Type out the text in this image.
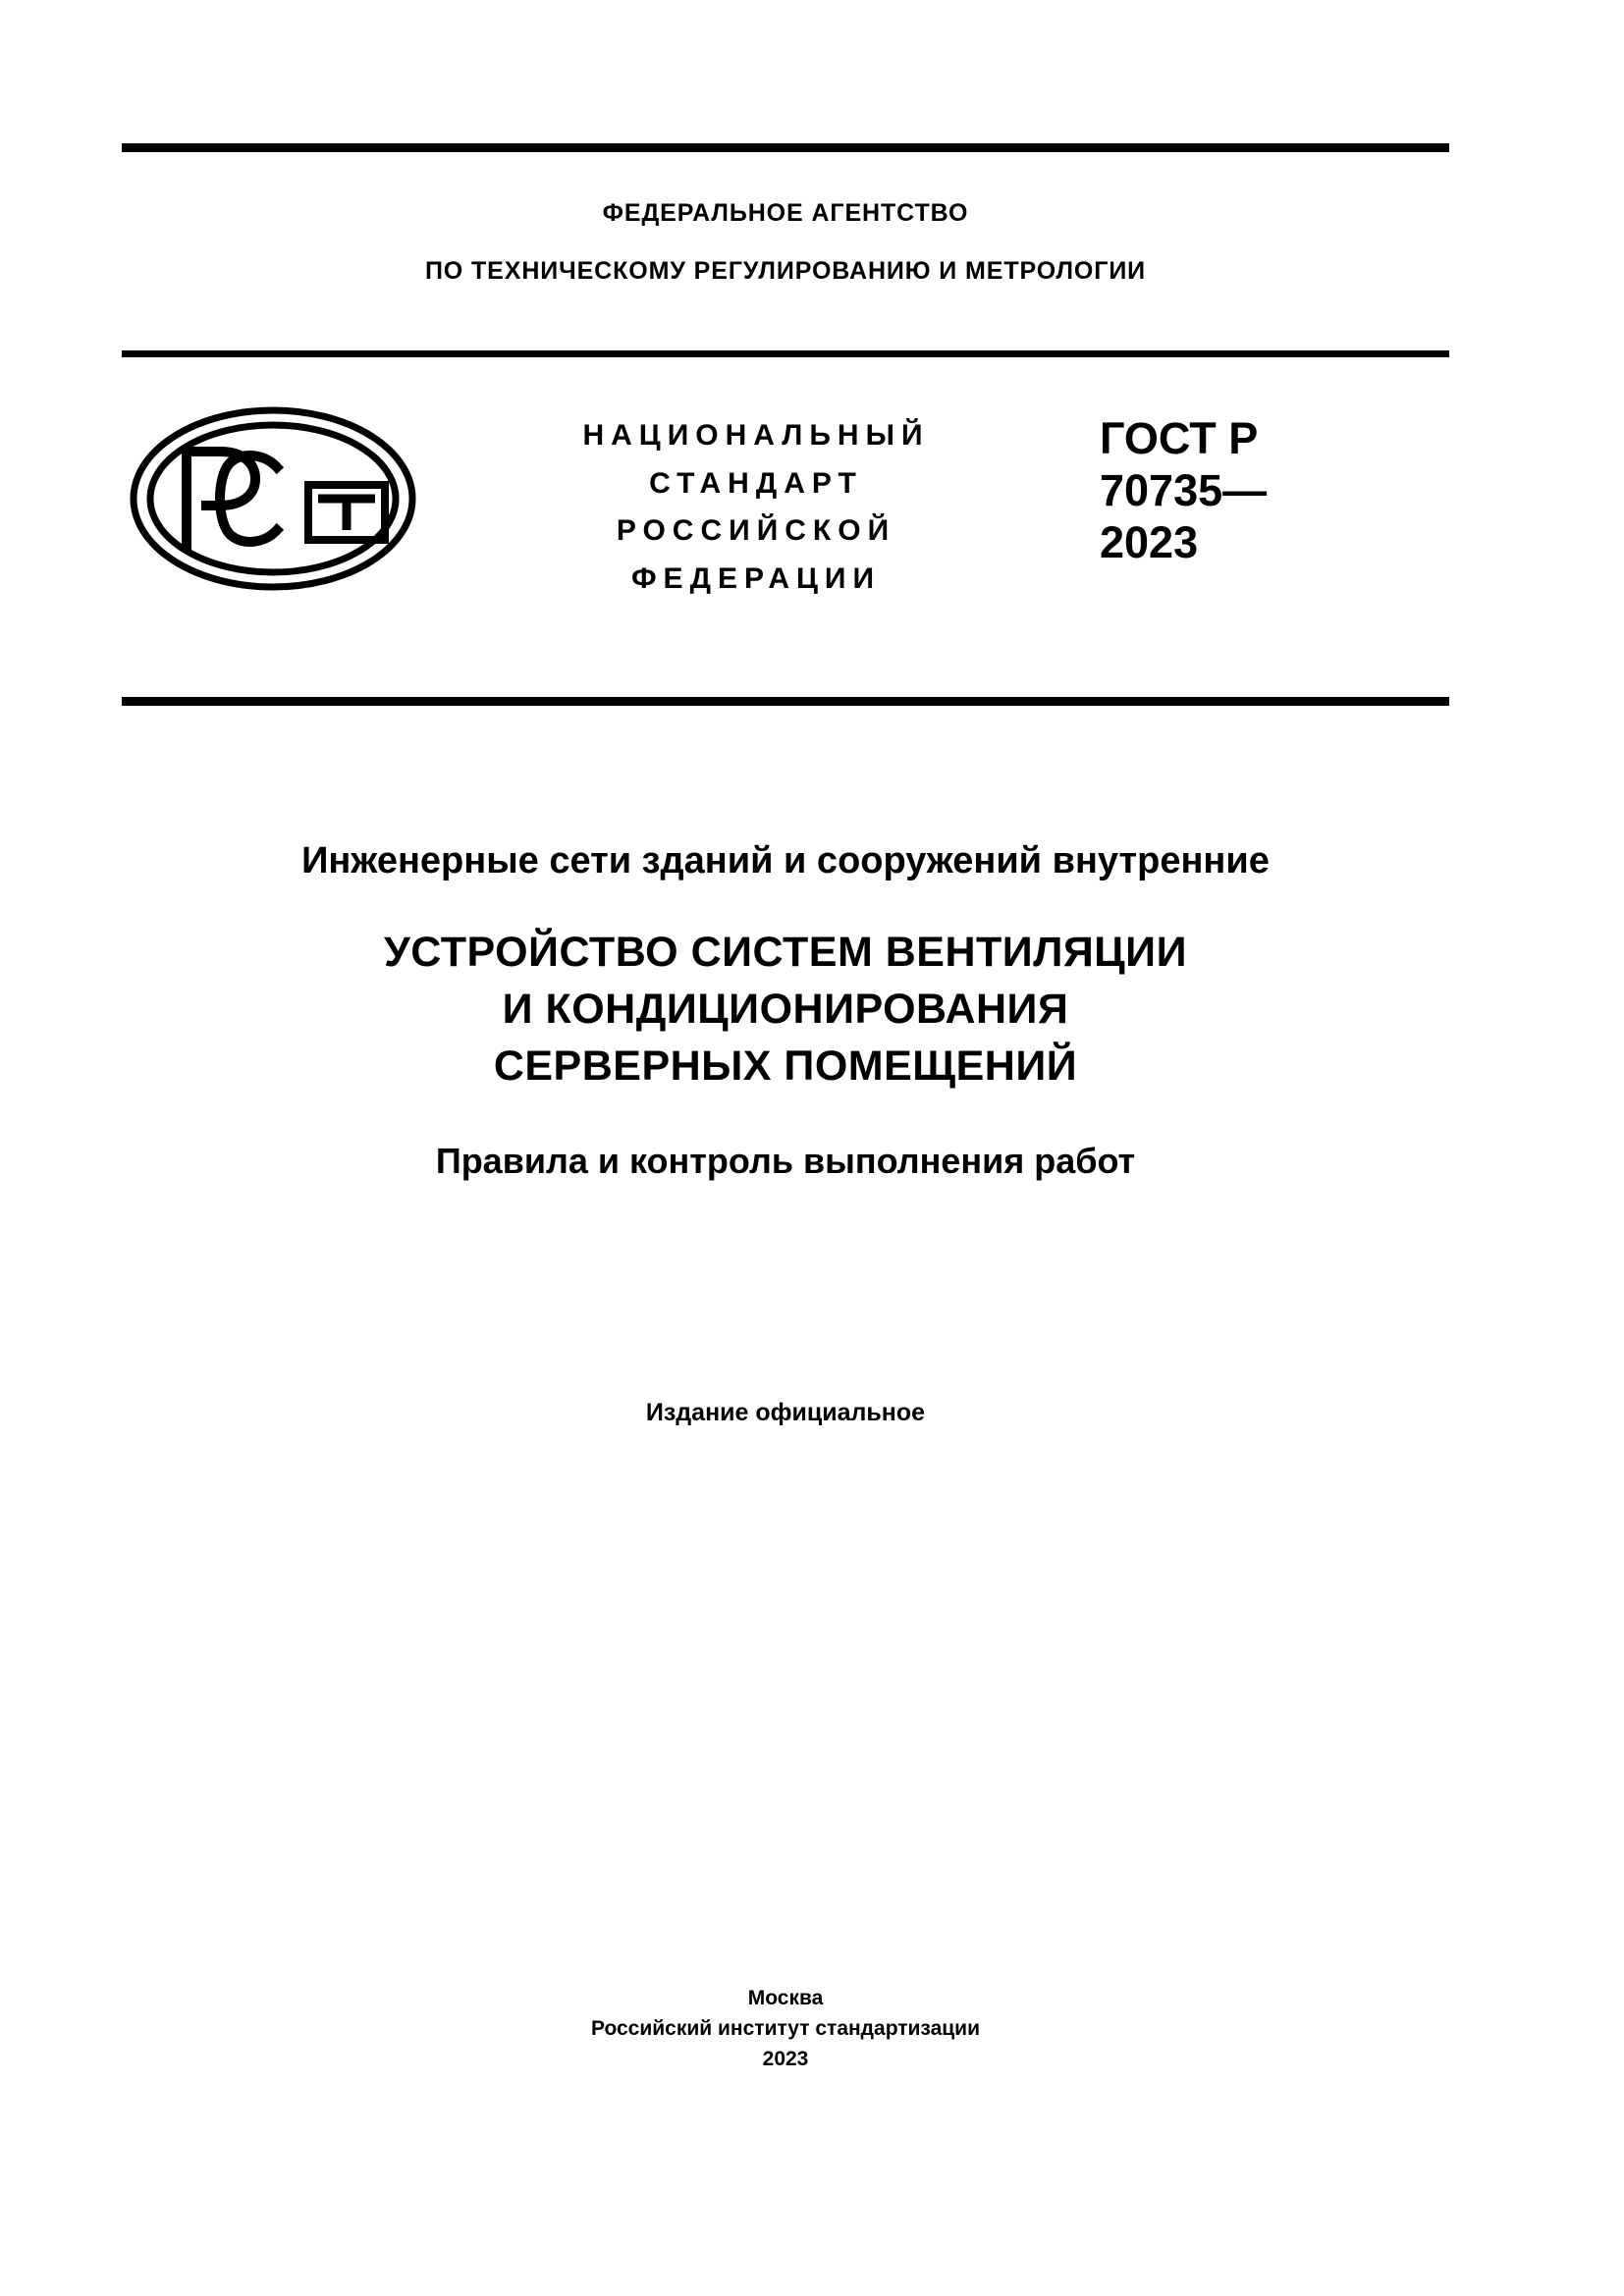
ФЕДЕРАЛЬНОЕ АГЕНТСТВО
ПО ТЕХНИЧЕСКОМУ РЕГУЛИРОВАНИЮ И МЕТРОЛОГИИ
НАЦИОНАЛЬНЫЙ
СТАНДАРТ
РОССИЙСКОЙ
ФЕДЕРАЦИИ
ГОСТ Р
70735—
2023
Инженерные сети зданий и сооружений внутренние
УСТРОЙСТВО СИСТЕМ ВЕНТИЛЯЦИИ
И КОНДИЦИОНИРОВАНИЯ
СЕРВЕРНЫХ ПОМЕЩЕНИЙ
Правила и контроль выполнения работ
Издание официальное
Москва
Российский институт стандартизации
2023
